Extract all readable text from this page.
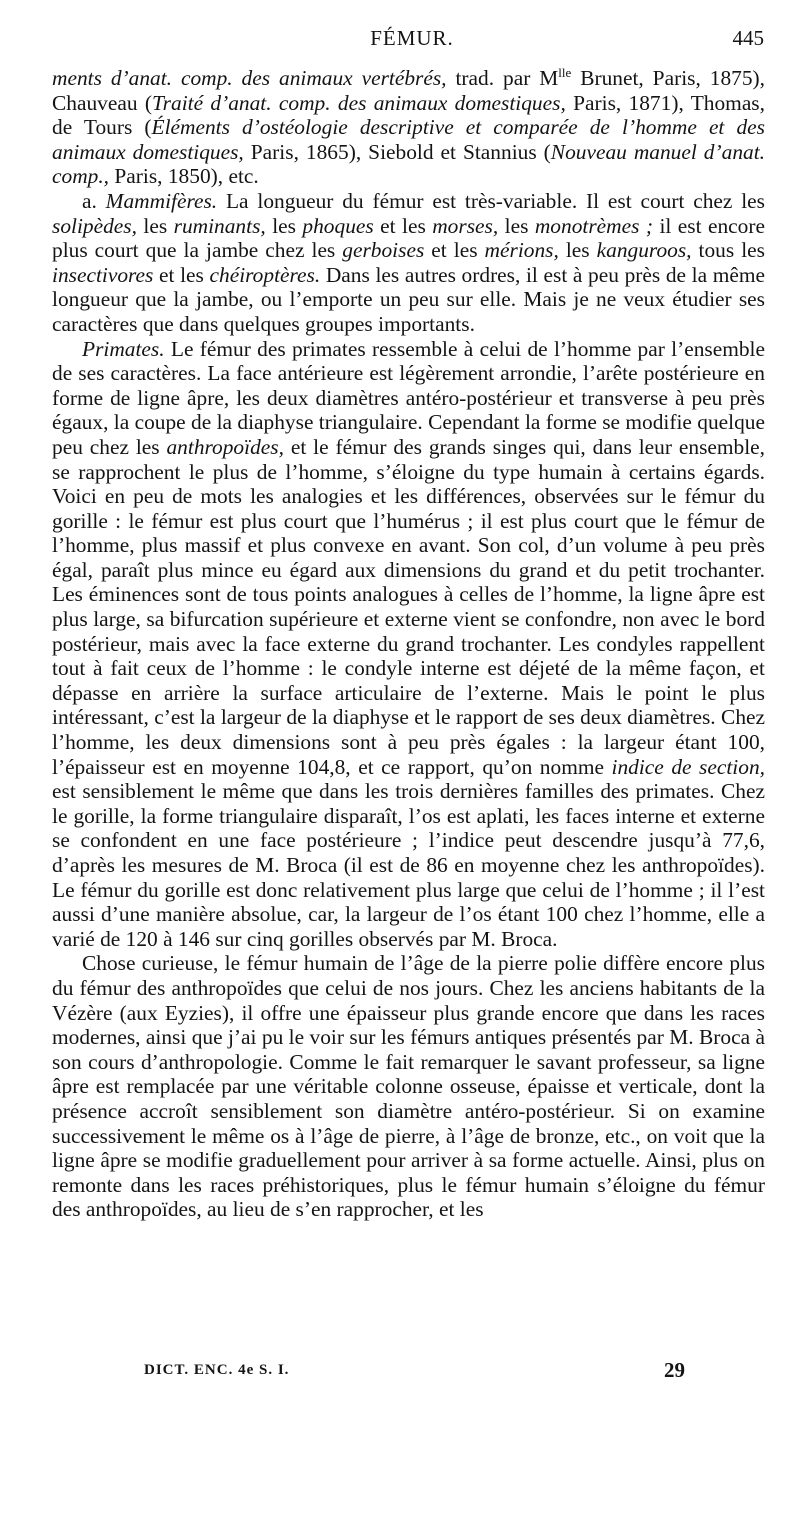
FÉMUR.	445

ments d’anat. comp. des animaux vertébrés, trad. par $M^{lle}$ Brunet, Paris, 1875), Chauveau (Traité d’anat. comp. des animaux domestiques, Paris, 1871), Thomas, de Tours (Éléments d’ostéologie descriptive et comparée de l’homme et des animaux domestiques, Paris, 1865), Siebold et Stannius (Nouveau manuel d’anat. comp., Paris, 1850), etc.

a. Mammifères. La longueur du fémur est très-variable. Il est court chez les solipèdes, les ruminants, les phoques et les morses, les monotrèmes ; il est encore plus court que la jambe chez les gerboises et les mérions, les kanguroos, tous les insectivores et les chéiroptères. Dans les autres ordres, il est à peu près de la même longueur que la jambe, ou l’emporte un peu sur elle. Mais je ne veux étudier ses caractères que dans quelques groupes importants.

Primates. Le fémur des primates ressemble à celui de l’homme par l’ensemble de ses caractères. La face antérieure est légèrement arrondie, l’arête postérieure en forme de ligne âpre, les deux diamètres antéro-postérieur et transverse à peu près égaux, la coupe de la diaphyse triangulaire. Cependant la forme se modifie quelque peu chez les anthropoïdes, et le fémur des grands singes qui, dans leur ensemble, se rapprochent le plus de l’homme, s’éloigne du type humain à certains égards. Voici en peu de mots les analogies et les différences, observées sur le fémur du gorille : le fémur est plus court que l’humérus ; il est plus court que le fémur de l’homme, plus massif et plus convexe en avant. Son col, d’un volume à peu près égal, paraît plus mince eu égard aux dimensions du grand et du petit trochanter. Les éminences sont de tous points analogues à celles de l’homme, la ligne âpre est plus large, sa bifurcation supérieure et externe vient se confondre, non avec le bord postérieur, mais avec la face externe du grand trochanter. Les condyles rappellent tout à fait ceux de l’homme : le condyle interne est déjeté de la même façon, et dépasse en arrière la surface articulaire de l’externe. Mais le point le plus intéressant, c’est la largeur de la diaphyse et le rapport de ses deux diamètres. Chez l’homme, les deux dimensions sont à peu près égales : la largeur étant 100, l’épaisseur est en moyenne 104,8, et ce rapport, qu’on nomme indice de section, est sensiblement le même que dans les trois dernières familles des primates. Chez le gorille, la forme triangulaire disparaît, l’os est aplati, les faces interne et externe se confondent en une face postérieure ; l’indice peut descendre jusqu’à 77,6, d’après les mesures de M. Broca (il est de 86 en moyenne chez les anthropoïdes). Le fémur du gorille est donc relativement plus large que celui de l’homme ; il l’est aussi d’une manière absolue, car, la largeur de l’os étant 100 chez l’homme, elle a varié de 120 à 146 sur cinq gorilles observés par M. Broca.

Chose curieuse, le fémur humain de l’âge de la pierre polie diffère encore plus du fémur des anthropoïdes que celui de nos jours. Chez les anciens habitants de la Vézère (aux Eyzies), il offre une épaisseur plus grande encore que dans les races modernes, ainsi que j’ai pu le voir sur les fémurs antiques présentés par M. Broca à son cours d’anthropologie. Comme le fait remarquer le savant professeur, sa ligne âpre est remplacée par une véritable colonne osseuse, épaisse et verticale, dont la présence accroît sensiblement son diamètre antéro-postérieur. Si on examine successivement le même os à l’âge de pierre, à l’âge de bronze, etc., on voit que la ligne âpre se modifie graduellement pour arriver à sa forme actuelle. Ainsi, plus on remonte dans les races préhistoriques, plus le fémur humain s’éloigne du fémur des anthropoïdes, au lieu de s’en rapprocher, et les

DICT. ENC. 4e S. I.	29
